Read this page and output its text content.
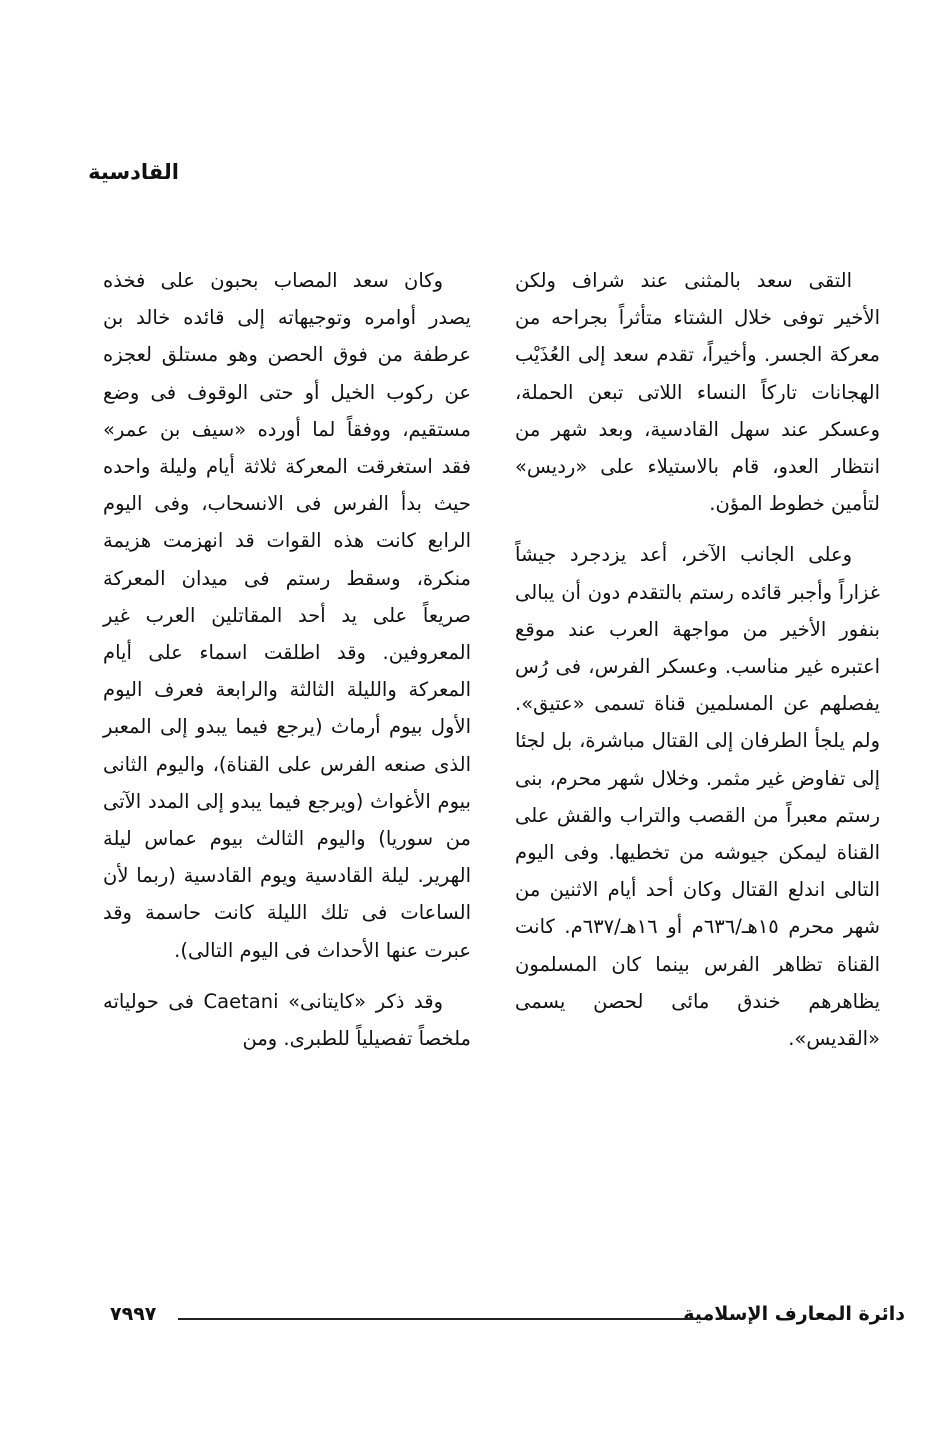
القادسية

التقى سعد بالمثنى عند شراف ولكن الأخير توفى خلال الشتاء متأثراً بجراحه من معركة الجسر. وأخيراً، تقدم سعد إلى العُذَيْب الهجانات تاركاً النساء اللاتى تبعن الحملة، وعسكر عند سهل القادسية، وبعد شهر من انتظار العدو، قام بالاستيلاء على «رديس» لتأمين خطوط المؤن.

وعلى الجانب الآخر، أعد يزدجرد جيشاً غزاراً وأجبر قائده رستم بالتقدم دون أن يبالى بنفور الأخير من مواجهة العرب عند موقع اعتبره غير مناسب. وعسكر الفرس، فى رُس يفصلهم عن المسلمين قناة تسمى «عتيق». ولم يلجأ الطرفان إلى القتال مباشرة، بل لجئا إلى تفاوض غير مثمر. وخلال شهر محرم، بنى رستم معبراً من القصب والتراب والقش على القناة ليمكن جيوشه من تخطيها. وفى اليوم التالى اندلع القتال وكان أحد أيام الاثنين من شهر محرم ١٥هـ/٦٣٦م أو ١٦هـ/٦٣٧م. كانت القناة تظاهر الفرس بينما كان المسلمون يظاهرهم خندق مائى لحصن يسمى «القديس».

وكان سعد المصاب بحبون على فخذه يصدر أوامره وتوجيهاته إلى قائده خالد بن عرطفة من فوق الحصن وهو مستلق لعجزه عن ركوب الخيل أو حتى الوقوف فى وضع مستقيم، ووفقاً لما أورده «سيف بن عمر» فقد استغرقت المعركة ثلاثة أيام وليلة واحده حيث بدأ الفرس فى الانسحاب، وفى اليوم الرابع كانت هذه القوات قد انهزمت هزيمة منكرة، وسقط رستم فى ميدان المعركة صريعاً على يد أحد المقاتلين العرب غير المعروفين. وقد اطلقت اسماء على أيام المعركة والليلة الثالثة والرابعة فعرف اليوم الأول بيوم أرماث (يرجع فيما يبدو إلى المعبر الذى صنعه الفرس على القناة)، واليوم الثانى بيوم الأغواث (ويرجع فيما يبدو إلى المدد الآتى من سوريا) واليوم الثالث بيوم عماس ليلة الهرير. ليلة القادسية ويوم القادسية (ربما لأن الساعات فى تلك الليلة كانت حاسمة وقد عبرت عنها الأحداث فى اليوم التالى).

وقد ذكر «كايتانى» Caetani فى حولياته ملخصاً تفصيلياً للطبرى. ومن

دائرة المعارف الإسلامية
٧٩٩٧
